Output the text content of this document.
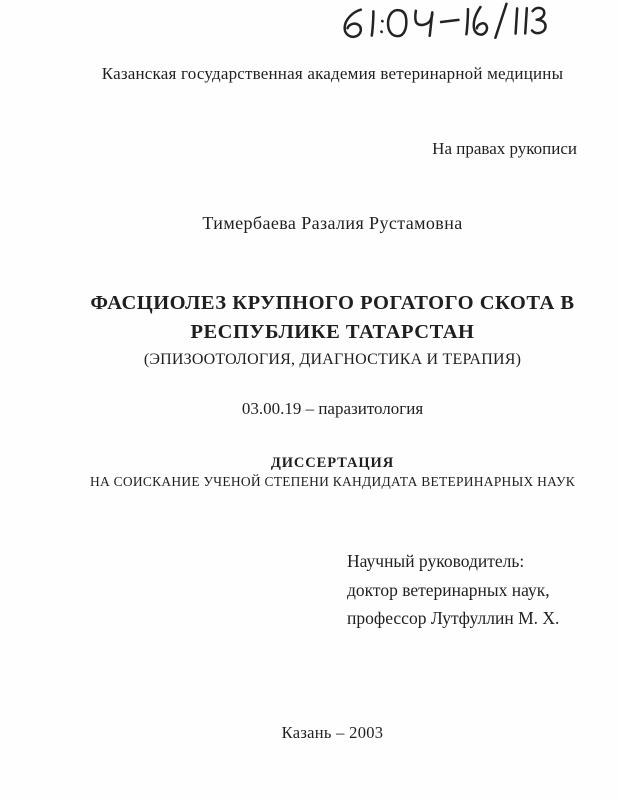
Казанская государственная академия ветеринарной медицины
На правах рукописи
Тимербаева Разалия Рустамовна
ФАСЦИОЛЕЗ КРУПНОГО РОГАТОГО СКОТА В
РЕСПУБЛИКЕ ТАТАРСТАН
(ЭПИЗООТОЛОГИЯ, ДИАГНОСТИКА И ТЕРАПИЯ)
03.00.19 – паразитология
ДИССЕРТАЦИЯ
НА СОИСКАНИЕ УЧЕНОЙ СТЕПЕНИ КАНДИДАТА ВЕТЕРИНАРНЫХ НАУК
Научный руководитель:
доктор ветеринарных наук,
профессор Лутфуллин М. Х.
Казань – 2003
